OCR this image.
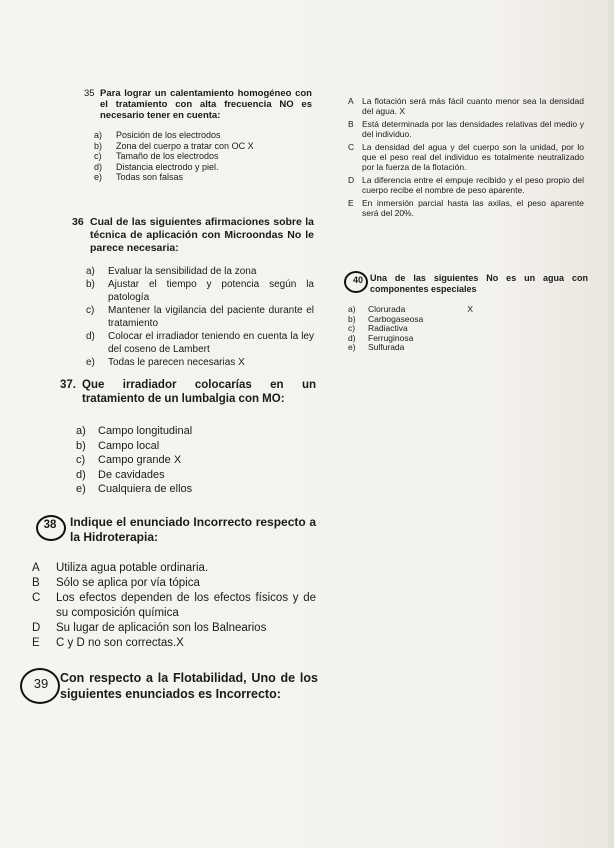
35 Para lograr un calentamiento homogéneo con el tratamiento con alta frecuencia NO es necesario tener en cuenta:
a)	Posición de los electrodos
b)	Zona del cuerpo a tratar con OC X
c)	Tamaño de los electrodos
d)	Distancia electrodo y piel.
e)	Todas son falsas
36 Cual de las siguientes afirmaciones sobre la técnica de aplicación con Microondas No le parece necesaria:
a)	Evaluar la sensibilidad de la zona
b)	Ajustar el tiempo y potencia según la patología
c)	Mantener la vigilancia del paciente durante el tratamiento
d)	Colocar el irradiador teniendo en cuenta la ley del coseno de Lambert
e)	Todas le parecen necesarias X
37. Que irradiador colocarías en un tratamiento de un lumbalgia con MO:
a)	Campo longitudinal
b)	Campo local
c)	Campo grande X
d)	De cavidades
e)	Cualquiera de ellos
38	Indique el enunciado Incorrecto respecto a la Hidroterapia:
A	Utiliza agua potable ordinaria.
B	Sólo se aplica por vía tópica
C	Los efectos dependen de los efectos físicos y de su composición química
D	Su lugar de aplicación son los Balnearios
E	C y D no son correctas.X
39 Con respecto a la Flotabilidad, Uno de los siguientes enunciados es Incorrecto:
A La flotación será más fácil cuanto menor sea la densidad del agua. X
B Está determinada por las densidades relativas del medio y del individuo.
C La densidad del agua y del cuerpo son la unidad, por lo que el peso real del individuo es totalmente neutralizado por la fuerza de la flotación.
D La diferencia entre el empuje recibido y el peso propio del cuerpo recibe el nombre de peso aparente.
E En inmersión parcial hasta las axilas, el peso aparente será del 20%.
40 Una de las siguientes No es un agua con componentes especiales
a)	Clorurada	X
b)	Carbogaseosa
c)	Radiactiva
d)	Ferruginosa
e)	Sulfurada
